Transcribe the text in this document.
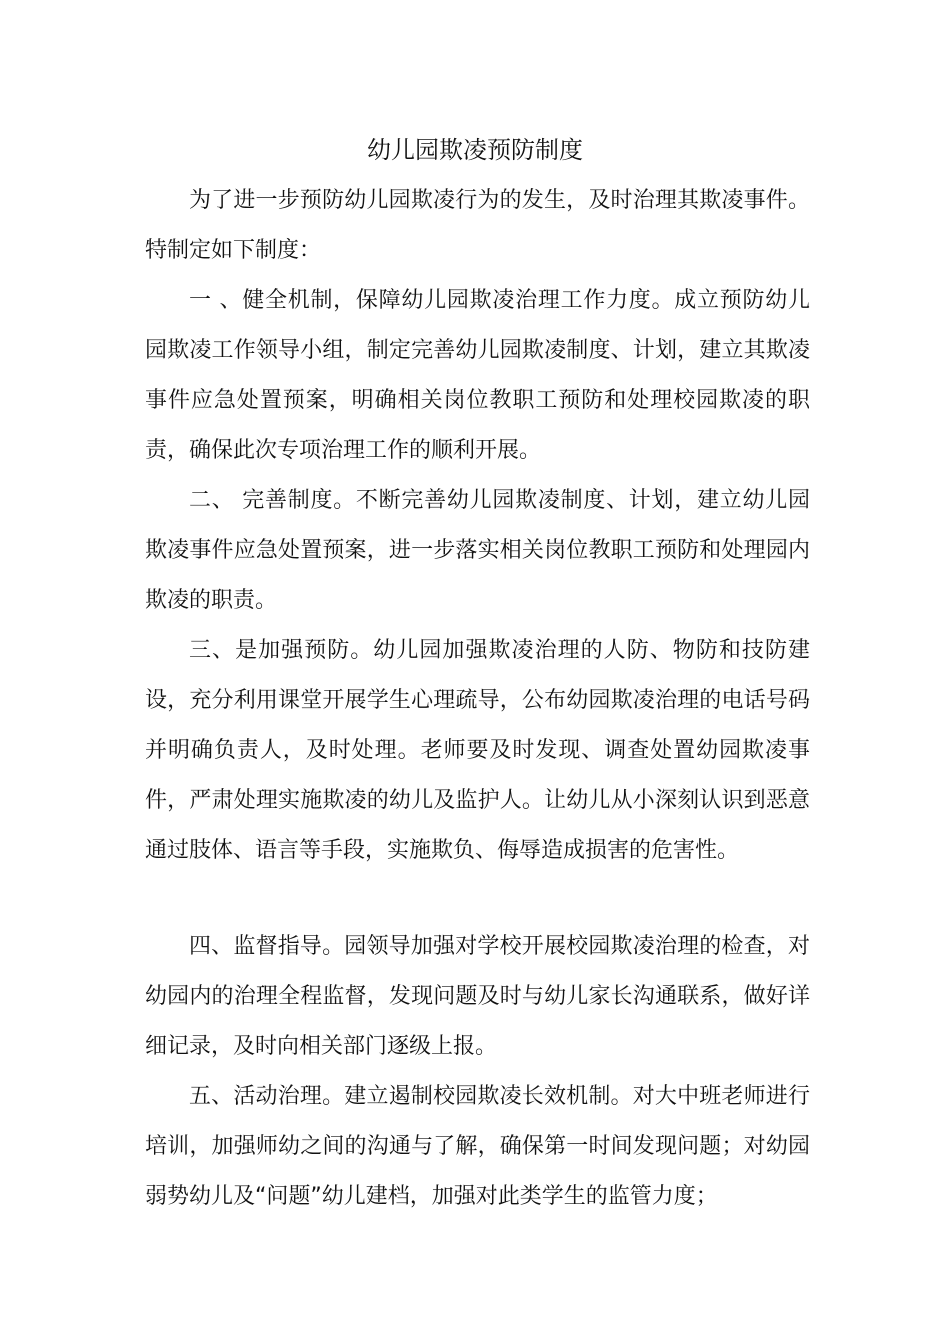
幼儿园欺凌预防制度

为了进一步预防幼儿园欺凌行为的发生，及时治理其欺凌事件。特制定如下制度：

一 、健全机制，保障幼儿园欺凌治理工作力度。成立预防幼儿园欺凌工作领导小组，制定完善幼儿园欺凌制度、计划，建立其欺凌事件应急处置预案，明确相关岗位教职工预防和处理校园欺凌的职责，确保此次专项治理工作的顺利开展。

二、 完善制度。不断完善幼儿园欺凌制度、计划，建立幼儿园欺凌事件应急处置预案，进一步落实相关岗位教职工预防和处理园内欺凌的职责。

三、是加强预防。幼儿园加强欺凌治理的人防、物防和技防建设，充分利用课堂开展学生心理疏导，公布幼园欺凌治理的电话号码并明确负责人，及时处理。老师要及时发现、调查处置幼园欺凌事件，严肃处理实施欺凌的幼儿及监护人。让幼儿从小深刻认识到恶意通过肢体、语言等手段，实施欺负、侮辱造成损害的危害性。

四、监督指导。园领导加强对学校开展校园欺凌治理的检查，对幼园内的治理全程监督，发现问题及时与幼儿家长沟通联系，做好详细记录，及时向相关部门逐级上报。

五、活动治理。建立遏制校园欺凌长效机制。对大中班老师进行培训，加强师幼之间的沟通与了解，确保第一时间发现问题；对幼园弱势幼儿及“问题”幼儿建档，加强对此类学生的监管力度；
